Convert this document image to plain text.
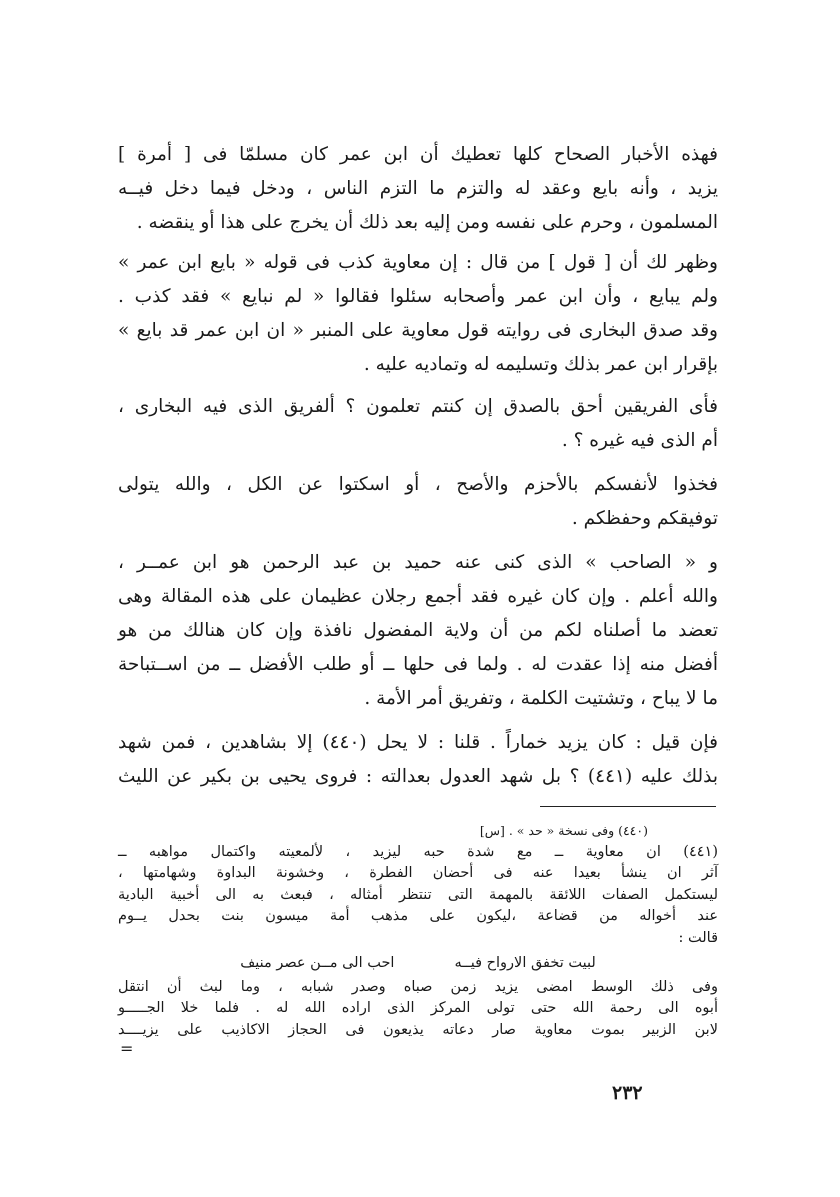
فهذه الأخبار الصحاح كلها تعطيك أن ابن عمر كان مسلمّا فى [ أمرة ]
يزيد ، وأنه بايع وعقد له والتزم ما التزم الناس ، ودخل فيما دخل فيــه
المسلمون ، وحرم على نفسه ومن إليه بعد ذلك أن يخرج على هذا أو ينقضه .
وظهر لك أن [ قول ] من قال : إن معاوية كذب فى قوله « بايع ابن عمر »
ولم يبايع ، وأن ابن عمر وأصحابه سئلوا فقالوا « لم نبايع » فقد كذب .
وقد صدق البخارى فى روايته قول معاوية على المنبر « ان ابن عمر قد بايع »
بإقرار ابن عمر بذلك وتسليمه له وتماديه عليه .
فأى الفريقين أحق بالصدق إن كنتم تعلمون ؟ ألفريق الذى فيه البخارى ،
أم الذى فيه غيره ؟ .
فخذوا لأنفسكم بالأحزم والأصح ، أو اسكتوا عن الكل ، والله يتولى
توفيقكم وحفظكم .
و « الصاحب » الذى كنى عنه حميد بن عبد الرحمن هو ابن عمــر ،
والله أعلم . وإن كان غيره فقد أجمع رجلان عظيمان على هذه المقالة وهى
تعضد ما أصلناه لكم من أن ولاية المفضول نافذة وإن كان هنالك من هو
أفضل منه إذا عقدت له . ولما فى حلها ــ أو طلب الأفضل ــ من اســتباحة
ما لا يباح ، وتشتيت الكلمة ، وتفريق أمر الأمة .
فإن قيل : كان يزيد خماراً . قلنا : لا يحل (٤٤٠) إلا بشاهدين ، فمن شهد
بذلك عليه (٤٤١) ؟ بل شهد العدول بعدالته : فروى يحيى بن بكير عن الليث
(٤٤٠) وفى نسخة « حد » . [س]
(٤٤١) ان معاوية ــ مع شدة حبه ليزيد ، لألمعيته واكتمال مواهبه ــ
آثر ان ينشأ بعيدا عنه فى أحضان الفطرة ، وخشونة البداوة وشهامتها ،
ليستكمل الصفات اللائقة بالمهمة التى تنتظر أمثاله ، فبعث به الى أخبية البادية
عند أخواله من قضاعة ،ليكون على مذهب أمة ميسون بنت بحدل يــوم
قالت :
لبيت تخفق الارواح فيــه
احب الى مــن عصر منيف
وفى ذلك الوسط امضى يزيد زمن صباه وصدر شبابه ، وما لبث أن انتقل
أبوه الى رحمة الله حتى تولى المركز الذى اراده الله له . فلما خلا الجـــــو
لابن الزبير بموت معاوية صار دعاته يذيعون فى الحجاز الاكاذيب على يزيــــد
=
٢٣٢
